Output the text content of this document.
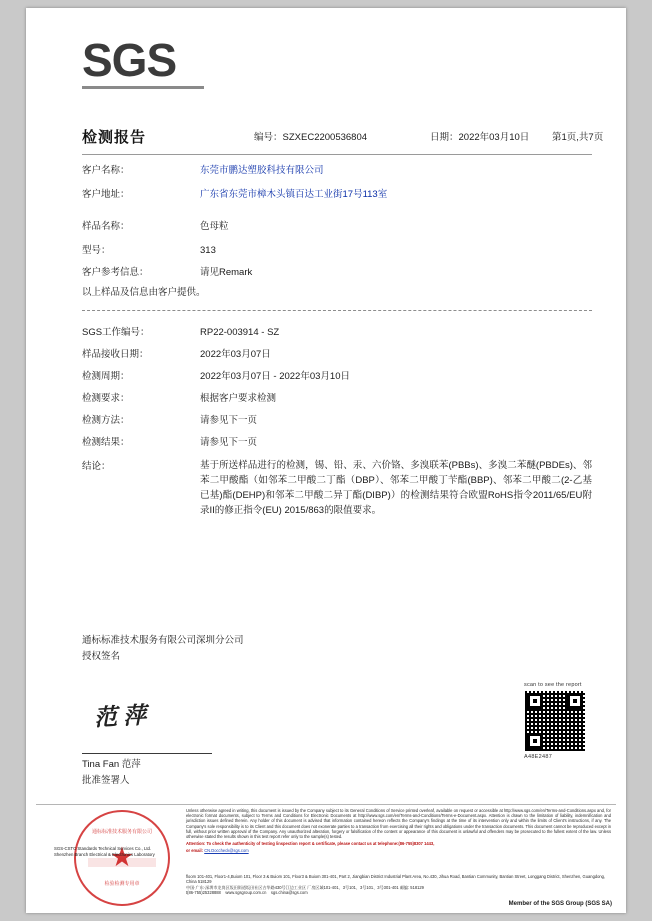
SGS
检测报告	编号：SZXEC2200536804	日期：2022年03月10日 第1页,共7页
客户名称：	东莞市鹏达塑胶科技有限公司
客户地址：	广东省东莞市樟木头镇百达工业街17号113室
样品名称：	色母粒
型号：	313
客户参考信息：	请见Remark
以上样品及信息由客户提供。
SGS工作编号：	RP22-003914 - SZ
样品接收日期：	2022年03月07日
检测周期：	2022年03月07日 - 2022年03月10日
检测要求：	根据客户要求检测
检测方法：	请参见下一页
检测结果：	请参见下一页
结论：	基于所送样品进行的检测，锡、铅、汞、六价铬、多溴联苯(PBBs)、多溴二苯醚(PBDEs)、邻苯二甲酸酯（如邻苯二甲酸二丁酯（DBP）、邻苯二甲酸丁苄酯(BBP)、邻苯二甲酸二(2-乙基已基)酯(DEHP)和邻苯二甲酸二异丁酯(DIBP)）的检测结果符合欧盟RoHS指令2011/65/EU附录II的修正指令(EU) 2015/863的限值要求。
通标标准技术服务有限公司深圳分公司
授权签名
范萍
Tina Fan 范萍
批准签署人
scan to see the report
A48E2487

Unless otherwise agreed in writing, this document is issued by the Company subject to its General Conditions of Service printed overleaf, available on request or accessible at http://www.sgs.com/en/Terms-and-Conditions.aspx and, for electronic format documents, subject to Terms and Conditions for Electronic Documents at http://www.sgs.com/en/Terms-and-Conditions/Terms-e-Document.aspx. Attention is drawn to the limitation of liability, indemnification and jurisdiction issues defined therein. Any holder of this document is advised that information contained hereon reflects the Company's findings at the time of its intervention only and within the limits of Client's instructions, if any. The Company's sole responsibility is to its Client and this document does not exonerate parties to a transaction from exercising all their rights and obligations under the transaction documents. This document cannot be reproduced except in full, without prior written approval of the Company. Any unauthorized alteration, forgery or falsification of the content or appearance of this document is unlawful and offenders may be prosecuted to the fullest extent of the law. Unless otherwise stated the results shown in this test report refer only to the sample(s) tested.

Attention: To check the authenticity of testing /inspection report & certificate, please contact us at telephone:(86-755)8307 1443,

or email: CN.Doccheck@sgs.com

floom 101-401, Floor1-4,Buiom 101, Floor 3 & Buiom 101, Floor3 & Buiom 301-401, Part 2, Jiangbian District Industrial Plant Area, No.430, Jihua Road, Bantian Community, Bantian Street, Longgang District, Shenzhen, Guangdong, China 518129
中国·广东·深圳市龙岗区坂田街道坂田社区吉华路430号江边工业区 厂房区域101-401、3号101、3号101、3号301-401 邮编: 518129
t(86-755)25328888 www.sgsgroup.com.cn sgs.china@sgs.com
Member of the SGS Group (SGS SA)
通标标准技术服务有限公司
★
检验检测专用章
SGS-CSTC Standards Technical Services Co., Ltd.
Shenzhen Branch Electrical & Electronics Laboratory
